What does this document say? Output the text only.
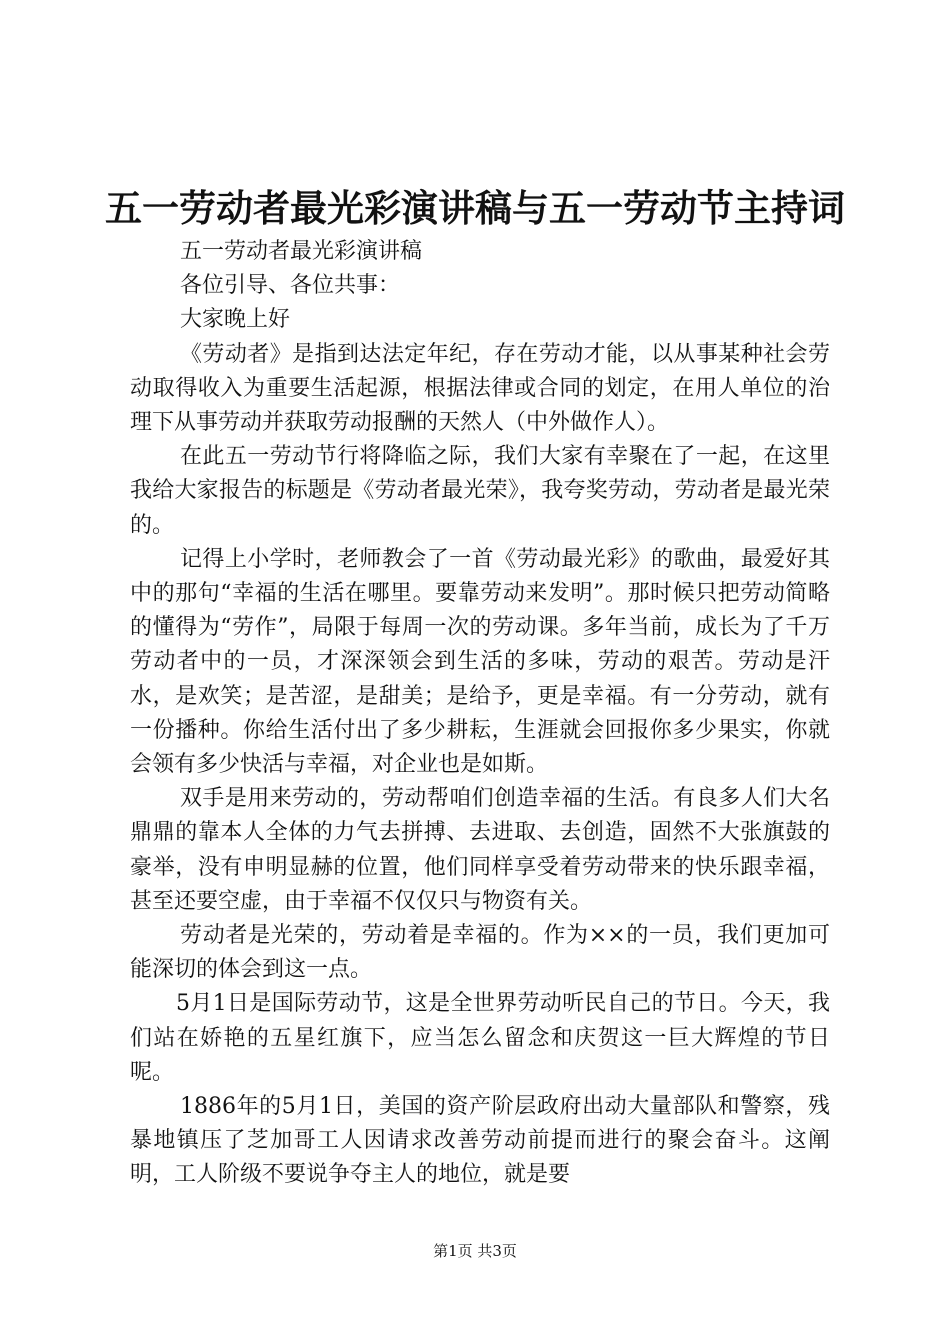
五一劳动者最光彩演讲稿与五一劳动节主持词

五一劳动者最光彩演讲稿

各位引导、各位共事：

大家晚上好

《劳动者》是指到达法定年纪，存在劳动才能，以从事某种社会劳动取得收入为重要生活起源，根据法律或合同的划定，在用人单位的治理下从事劳动并获取劳动报酬的天然人（中外做作人）。

在此五一劳动节行将降临之际，我们大家有幸聚在了一起，在这里我给大家报告的标题是《劳动者最光荣》，我夸奖劳动，劳动者是最光荣的。

记得上小学时，老师教会了一首《劳动最光彩》的歌曲，最爱好其中的那句“幸福的生活在哪里。要靠劳动来发明”。那时候只把劳动简略的懂得为“劳作”，局限于每周一次的劳动课。多年当前，成长为了千万劳动者中的一员，才深深领会到生活的多味，劳动的艰苦。劳动是汗水，是欢笑；是苦涩，是甜美；是给予，更是幸福。有一分劳动，就有一份播种。你给生活付出了多少耕耘，生涯就会回报你多少果实，你就会领有多少快活与幸福，对企业也是如斯。

双手是用来劳动的，劳动帮咱们创造幸福的生活。有良多人们大名鼎鼎的靠本人全体的力气去拼搏、去进取、去创造，固然不大张旗鼓的豪举，没有申明显赫的位置，他们同样享受着劳动带来的快乐跟幸福，甚至还要空虚，由于幸福不仅仅只与物资有关。

劳动者是光荣的，劳动着是幸福的。作为××的一员，我们更加可能深切的体会到这一点。

5月1日是国际劳动节，这是全世界劳动听民自己的节日。今天，我们站在娇艳的五星红旗下，应当怎么留念和庆贺这一巨大辉煌的节日呢。

1886年的5月1日，美国的资产阶层政府出动大量部队和警察，残暴地镇压了芝加哥工人因请求改善劳动前提而进行的聚会奋斗。这阐明，工人阶级不要说争夺主人的地位，就是要

第1页 共3页
